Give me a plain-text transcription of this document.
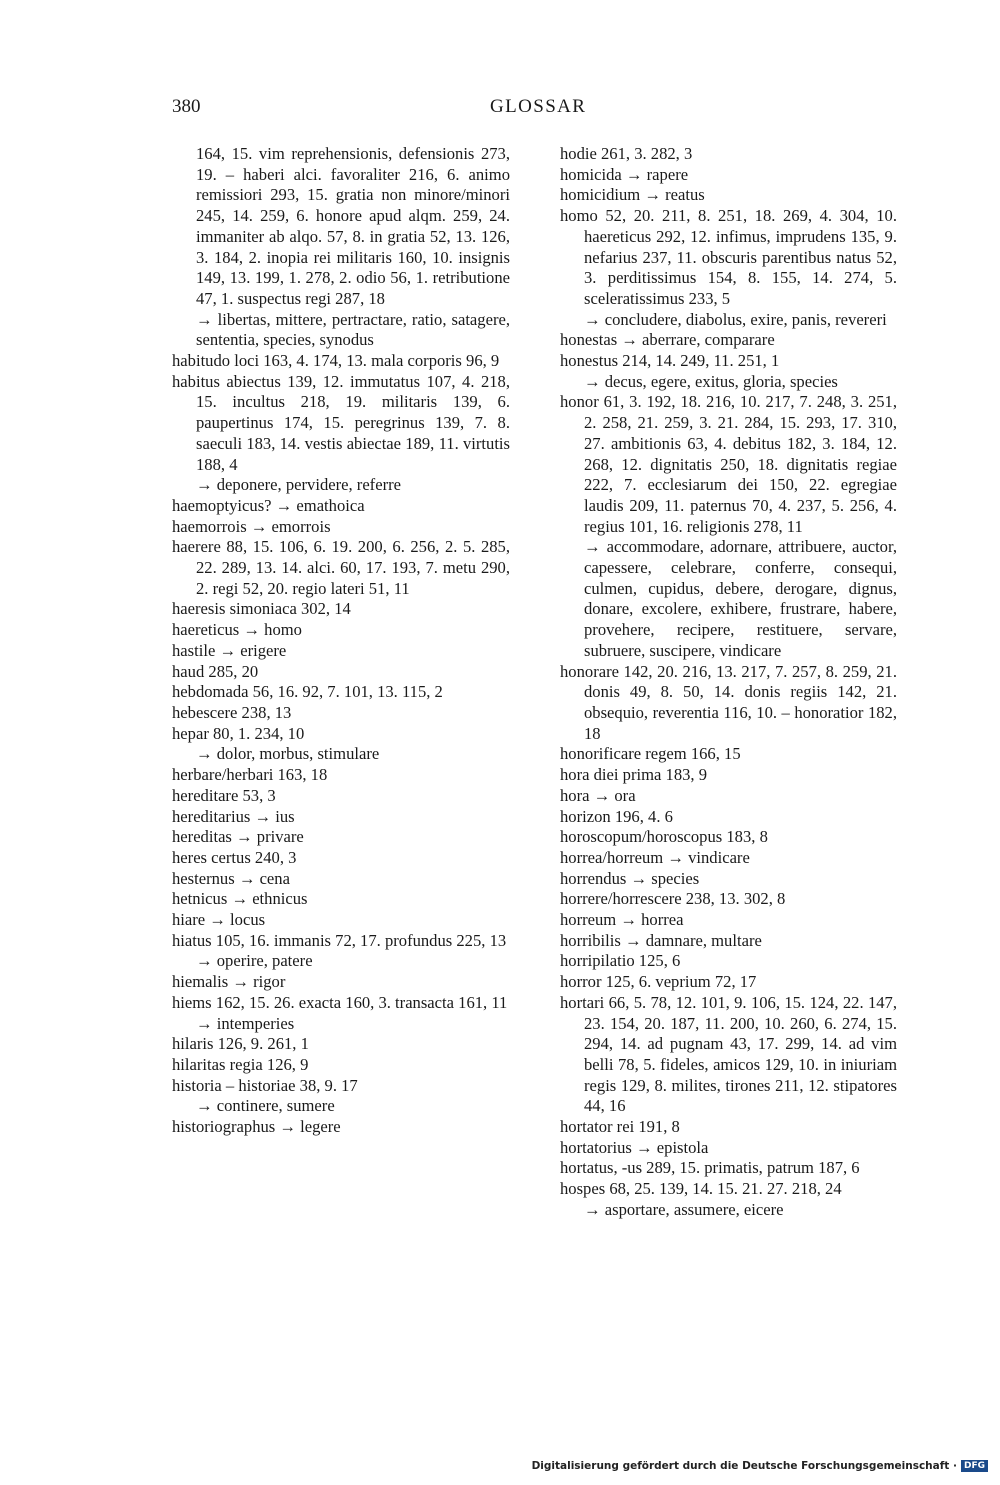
380	GLOSSAR
164, 15. vim reprehensionis, defensionis 273, 19. – haberi alci. favoraliter 216, 6. animo remissiori 293, 15. gratia non minore/minori 245, 14. 259, 6. honore apud alqm. 259, 24. immaniter ab alqo. 57, 8. in gratia 52, 13. 126, 3. 184, 2. inopia rei militaris 160, 10. insignis 149, 13. 199, 1. 278, 2. odio 56, 1. retributione 47, 1. suspectus regi 287, 18
→ libertas, mittere, pertractare, ratio, satagere, sententia, species, synodus
habitudo loci 163, 4. 174, 13. mala corporis 96, 9
habitus abiectus 139, 12. immutatus 107, 4. 218, 15. incultus 218, 19. militaris 139, 6. paupertinus 174, 15. peregrinus 139, 7. 8. saeculi 183, 14. vestis abiectae 189, 11. virtutis 188, 4
→ deponere, pervidere, referre
haemoptyicus? → emathoica
haemorrois → emorrois
haerere 88, 15. 106, 6. 19. 200, 6. 256, 2. 5. 285, 22. 289, 13. 14. alci. 60, 17. 193, 7. metu 290, 2. regi 52, 20. regio lateri 51, 11
haeresis simoniaca 302, 14
haereticus → homo
hastile → erigere
haud 285, 20
hebdomada 56, 16. 92, 7. 101, 13. 115, 2
hebescere 238, 13
hepar 80, 1. 234, 10
→ dolor, morbus, stimulare
herbare/herbari 163, 18
hereditare 53, 3
hereditarius → ius
hereditas → privare
heres certus 240, 3
hesternus → cena
hetnicus → ethnicus
hiare → locus
hiatus 105, 16. immanis 72, 17. profundus 225, 13
→ operire, patere
hiemalis → rigor
hiems 162, 15. 26. exacta 160, 3. transacta 161, 11
→ intemperies
hilaris 126, 9. 261, 1
hilaritas regia 126, 9
historia – historiae 38, 9. 17
→ continere, sumere
historiographus → legere
hodie 261, 3. 282, 3
homicida → rapere
homicidium → reatus
homo 52, 20. 211, 8. 251, 18. 269, 4. 304, 10. haereticus 292, 12. infimus, imprudens 135, 9. nefarius 237, 11. obscuris parentibus natus 52, 3. perditissimus 154, 8. 155, 14. 274, 5. sceleratissimus 233, 5
→ concludere, diabolus, exire, panis, revereri
honestas → aberrare, comparare
honestus 214, 14. 249, 11. 251, 1
→ decus, egere, exitus, gloria, species
honor 61, 3. 192, 18. 216, 10. 217, 7. 248, 3. 251, 2. 258, 21. 259, 3. 21. 284, 15. 293, 17. 310, 27. ambitionis 63, 4. debitus 182, 3. 184, 12. 268, 12. dignitatis 250, 18. dignitatis regiae 222, 7. ecclesiarum dei 150, 22. egregiae laudis 209, 11. paternus 70, 4. 237, 5. 256, 4. regius 101, 16. religionis 278, 11
→ accommodare, adornare, attribuere, auctor, capessere, celebrare, conferre, consequi, culmen, cupidus, debere, derogare, dignus, donare, excolere, exhibere, frustrare, habere, provehere, recipere, restituere, servare, subruere, suscipere, vindicare
honorare 142, 20. 216, 13. 217, 7. 257, 8. 259, 21. donis 49, 8. 50, 14. donis regiis 142, 21. obsequio, reverentia 116, 10. – honoratior 182, 18
honorificare regem 166, 15
hora diei prima 183, 9
hora → ora
horizon 196, 4. 6
horoscopum/horoscopus 183, 8
horrea/horreum → vindicare
horrendus → species
horrere/horrescere 238, 13. 302, 8
horreum → horrea
horribilis → damnare, multare
horripilatio 125, 6
horror 125, 6. veprium 72, 17
hortari 66, 5. 78, 12. 101, 9. 106, 15. 124, 22. 147, 23. 154, 20. 187, 11. 200, 10. 260, 6. 274, 15. 294, 14. ad pugnam 43, 17. 299, 14. ad vim belli 78, 5. fideles, amicos 129, 10. in iniuriam regis 129, 8. milites, tirones 211, 12. stipatores 44, 16
hortator rei 191, 8
hortatorius → epistola
hortatus, -us 289, 15. primatis, patrum 187, 6
hospes 68, 25. 139, 14. 15. 21. 27. 218, 24
→ asportare, assumere, eicere
Digitalisierung gefördert durch die Deutsche Forschungsgemeinschaft · DFG
